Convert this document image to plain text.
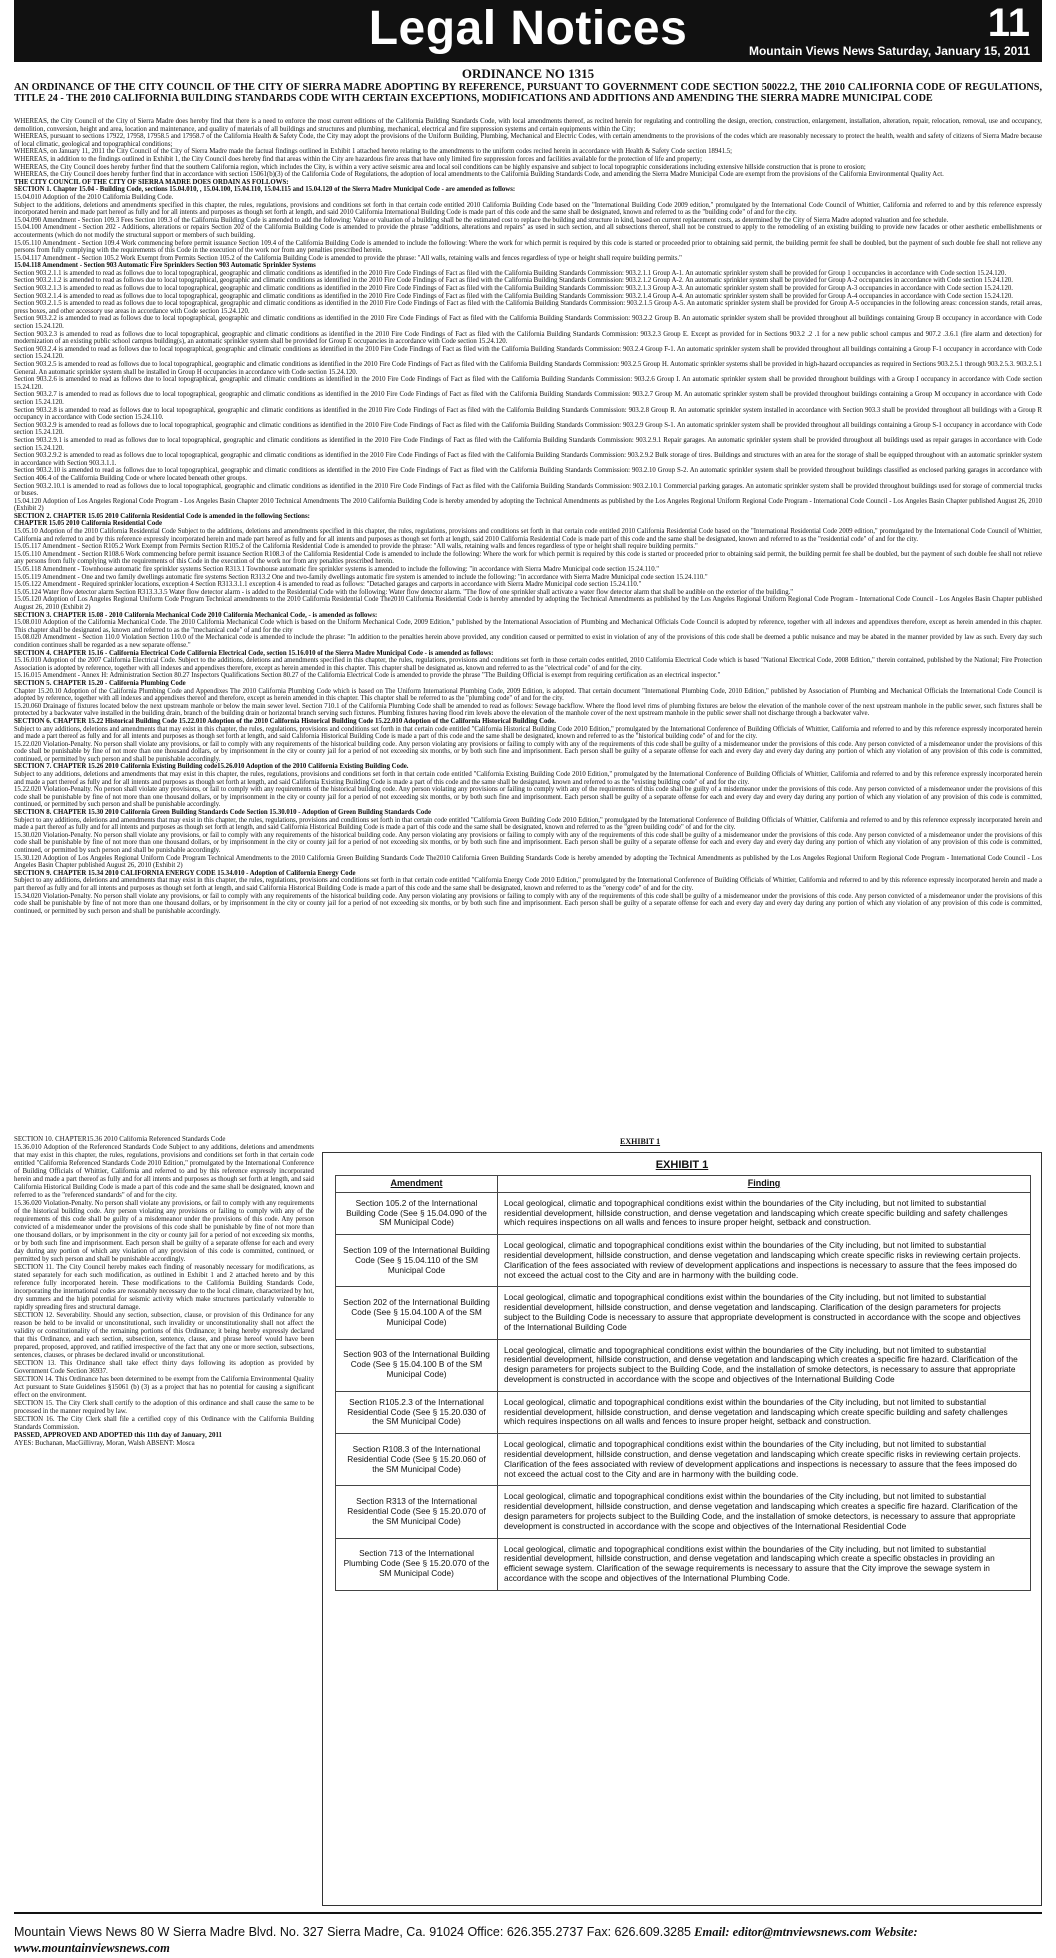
Legal Notices	11
Mountain Views News Saturday, January 15, 2011
ORDINANCE NO 1315
AN ORDINANCE OF THE CITY COUNCIL OF THE CITY OF SIERRA MADRE ADOPTING BY REFERENCE, PURSUANT TO GOVERNMENT CODE SECTION 50022.2, THE 2010 CALIFORNIA CODE OF REGULATIONS, TITLE 24 - THE 2010 CALIFORNIA BUILDING STANDARDS CODE WITH CERTAIN EXCEPTIONS, MODIFICATIONS AND ADDITIONS AND AMENDING THE SIERRA MADRE MUNICIPAL CODE

WHEREAS, the City Council of the City of Sierra Madre does hereby find that there is a need to enforce the most current editions of the California Building Standards Code, with local amendments thereof, as recited herein for regulating and controlling the design, erection, construction, enlargement, installation, alteration, repair, relocation, removal, use and occupancy, demolition, conversion, height and area, location and maintenance, and quality of materials of all buildings and structures and plumbing, mechanical, electrical and fire suppression systems and certain equipments within the City;

WHEREAS, pursuant to sections 17922, 17958, 17958.5 and 17958.7 of the California Health & Safety Code, the City may adopt the provisions of the Uniform Building, Plumbing, Mechanical and Electric Codes, with certain amendments to the provisions of the codes which are reasonably necessary to protect the health, wealth and safety of citizens of Sierra Madre because of local climatic, geological and topographical conditions;

WHEREAS, on January 11, 2011 the City Council of the City of Sierra Madre made the factual findings outlined in Exhibit 1 attached hereto relating to the amendments to the uniform codes recited herein in accordance with Health & Safety Code section 18941.5;

WHEREAS, in addition to the findings outlined in Exhibit 1, the City Council does hereby find that areas within the City are hazardous fire areas that have only limited fire suppression forces and facilities available for the protection of life and property;

WHEREAS, the City Council does hereby further find that the southern California region, which includes the City, is within a very active seismic area and local soil conditions can be highly expansive and subject to local topographic considerations including extensive hillside construction that is prone to erosion;

WHEREAS, the City Council does hereby further find that in accordance with section 15061(b)(3) of the California Code of Regulations, the adoption of local amendments to the California Building Standards Code, and amending the Sierra Madre Municipal Code are exempt from the provisions of the California Environmental Quality Act.

THE CITY COUNCIL OF THE CITY OF SIERRA MADRE DOES ORDAIN AS FOLLOWS:

SECTION 1. Chapter 15.04 - Building Code, sections 15.04.010, , 15.04.100, 15.04.110, 15.04.115 and 15.04.120 of the Sierra Madre Municipal Code - are amended as follows:

15.04.010 Adoption of the 2010 California Building Code.

Subject to the additions, deletions and amendments specified in this chapter, the rules, regulations, provisions and conditions set forth in that certain code entitled 2010 California Building Code based on the "International Building Code 2009 edition," promulgated by the International Code Council of Whittier, California and referred to and by this reference expressly incorporated herein and made part hereof as fully and for all intents and purposes as though set forth at length, and said 2010 California International Building Code is made part of this code and the same shall be designated, known and referred to as the "building code" of and for the city.

15.04.090 Amendment - Section 109.3 Fees Section 109.3 of the California Building Code is amended to add the following: Value or valuation of a building shall be the estimated cost to replace the building and structure in kind, based on current replacement costs, as determined by the City of Sierra Madre adopted valuation and fee schedule.

15.04.100 Amendment - Section 202 - Additions, alterations or repairs Section 202 of the California Building Code is amended to provide the phrase "additions, alterations and repairs" as used in such section, and all subsections thereof, shall not be construed to apply to the remodeling of an existing building to provide new facades or other aesthetic embellishments or accouterments (which do not modify the structural support or members of such building.

15.05.110 Amendment - Section 109.4 Work commencing before permit issuance Section 109.4 of the California Building Code is amended to include the following: Where the work for which permit is required by this code is started or proceeded prior to obtaining said permit, the building permit fee shall be doubled, but the payment of such double fee shall not relieve any persons from fully complying with the requirements of this Code in the execution of the work nor from any penalties prescribed herein.

15.04.117 Amendment - Section 105.2 Work Exempt from Permits Section 105.2 of the California Building Code is amended to provide the phrase: "All walls, retaining walls and fences regardless of type or height shall require building permits."

15.04.118 Amendment - Section 903 Automatic Fire Sprinklers Section 903 Automatic Sprinkler Systems

Section 903.2.1.1 is amended to read as follows due to local topographical, geographic and climatic conditions as identified in the 2010 Fire Code Findings of Fact as filed with the California Building Standards Commission: 903.2.1.1 Group A-1. An automatic sprinkler system shall be provided for Group 1 occupancies in accordance with Code section 15.24.120.

Section 903.2.1.2 is amended to read as follows due to local topographical, geographic and climatic conditions as identified in the 2010 Fire Code Findings of Fact as filed with the California Building Standards Commission: 903.2.1.2 Group A-2. An automatic sprinkler system shall be provided for Group A-2 occupancies in accordance with Code section 15.24.120.

Section 903.2.1.3 is amended to read as follows due to local topographical, geographic and climatic conditions as identified in the 2010 Fire Code Findings of Fact as filed with the California Building Standards Commission: 903.2.1.3 Group A-3. An automatic sprinkler system shall be provided for Group A-3 occupancies in accordance with Code section 15.24.120.

Section 903.2.1.4 is amended to read as follows due to local topographical, geographic and climatic conditions as identified in the 2010 Fire Code Findings of Fact as filed with the California Building Standards Commission: 903.2.1.4 Group A-4. An automatic sprinkler system shall be provided for Group A-4 occupancies in accordance with Code section 15.24.120.

Section 903.2.1.5 is amended to read as follows due to local topographical, geographic and climatic conditions as identified in the 2010 Fire Code Findings of Fact as filed with the California Building Standards Commission: 903.2.1.5 Group A-5. An automatic sprinkler system shall be provided for Group A-5 occupancies in the following areas: concession stands, retail areas, press boxes, and other accessory use areas in accordance with Code section 15.24.120.

Section 903.2.2 is amended to read as follows due to local topographical, geographic and climatic conditions as identified in the 2010 Fire Code Findings of Fact as filed with the California Building Standards Commission: 903.2.2 Group B. An automatic sprinkler system shall be provided throughout all buildings containing Group B occupancy in accordance with Code section 15.24.120.

Section 903.2.3 is amended to read as follows due to local topographical, geographic and climatic conditions as identified in the 2010 Fire Code Findings of Fact as filed with the California Building Standards Commission: 903.2.3 Group E. Except as provided for in Sections 903.2 .2 .1 for a new public school campus and 907.2 .3.6.1 (fire alarm and detection) for modernization of an existing public school campus building(s), an automatic sprinkler system shall be provided for Group E occupancies in accordance with Code section 15.24.120.

Section 903.2.4 is amended to read as follows due to local topographical, geographic and climatic conditions as identified in the 2010 Fire Code Findings of Fact as filed with the California Building Standards Commission: 903.2.4 Group F-1. An automatic sprinkler system shall be provided throughout all buildings containing a Group F-1 occupancy in accordance with Code section 15.24.120.

Section 903.2.5 is amended to read as follows due to local topographical, geographic and climatic conditions as identified in the 2010 Fire Code Findings of Fact as filed with the California Building Standards Commission: 903.2.5 Group H. Automatic sprinkler systems shall be provided in high-hazard occupancies as required in Sections 903.2.5.1 through 903.2.5.3. 903.2.5.1 General. An automatic sprinkler system shall be installed in Group H occupancies in accordance with Code section 15.24.120.

Section 903.2.6 is amended to read as follows due to local topographical, geographic and climatic conditions as identified in the 2010 Fire Code Findings of Fact as filed with the California Building Standards Commission: 903.2.6 Group I. An automatic sprinkler system shall be provided throughout buildings with a Group I occupancy in accordance with Code section 15.24.120.

Section 903.2.7 is amended to read as follows due to local topographical, geographic and climatic conditions as identified in the 2010 Fire Code Findings of Fact as filed with the California Building Standards Commission: 903.2.7 Group M. An automatic sprinkler system shall be provided throughout buildings containing a Group M occupancy in accordance with Code section 15.24.120.

Section 903.2.8 is amended to read as follows due to local topographical, geographic and climatic conditions as identified in the 2010 Fire Code Findings of Fact as filed with the California Building Standards Commission: 903.2.8 Group R. An automatic sprinkler system installed in accordance with Section 903.3 shall be provided throughout all buildings with a Group R occupancy in accordance with Code section 15.24.110.

Section 903.2.9 is amended to read as follows due to local topographical, geographic and climatic conditions as identified in the 2010 Fire Code Findings of Fact as filed with the California Building Standards Commission: 903.2.9 Group S-1. An automatic sprinkler system shall be provided throughout all buildings containing a Group S-1 occupancy in accordance with Code section 15.24.120.

Section 903.2.9.1 is amended to read as follows due to local topographical, geographic and climatic conditions as identified in the 2010 Fire Code Findings of Fact as filed with the California Building Standards Commission: 903.2.9.1 Repair garages. An automatic sprinkler system shall be provided throughout all buildings used as repair garages in accordance with Code section 15.24.120.

Section 903.2.9.2 is amended to read as follows due to local topographical, geographic and climatic conditions as identified in the 2010 Fire Code Findings of Fact as filed with the California Building Standards Commission: 903.2.9.2 Bulk storage of tires. Buildings and structures with an area for the storage of shall be equipped throughout with an automatic sprinkler system in accordance with Section 903.3.1.1.

Section 903.2.10 is amended to read as follows due to local topographical, geographic and climatic conditions as identified in the 2010 Fire Code Findings of Fact as filed with the California Building Standards Commission: 903.2.10 Group S-2. An automatic sprinkler system shall be provided throughout buildings classified as enclosed parking garages in accordance with Section 406.4 of the California Building Code or where located beneath other groups.

Section 903.2.10.1 is amended to read as follows due to local topographical, geographic and climatic conditions as identified in the 2010 Fire Code Findings of Fact as filed with the California Building Standards Commission: 903.2.10.1 Commercial parking garages. An automatic sprinkler system shall be provided throughout buildings used for storage of commercial trucks or buses.

15.04.120 Adoption of Los Angeles Regional Code Program - Los Angeles Basin Chapter 2010 Technical Amendments The 2010 California Building Code is hereby amended by adopting the Technical Amendments as published by the Los Angeles Regional Uniform Regional Code Program - International Code Council - Los Angeles Basin Chapter published August 26, 2010 (Exhibit 2)

SECTION 2. CHAPTER 15.05 2010 California Residential Code is amended in the following Sections:

CHAPTER 15.05 2010 California Residential Code

15.05.10 Adoption of the 2010 California Residential Code Subject to the additions, deletions and amendments specified in this chapter, the rules, regulations, provisions and conditions set forth in that certain code entitled 2010 California Residential Code based on the "International Residential Code 2009 edition," promulgated by the International Code Council of Whittier, California and referred to and by this reference expressly incorporated herein and made part hereof as fully and for all intents and purposes as though set forth at length, said 2010 California Residential Code is made part of this code and the same shall be designated, known and referred to as the "residential code" of and for the city.

15.05.117 Amendment - Section R105.2 Work Exempt from Permits Section R105.2 of the California Residential Code is amended to provide the phrase: "All walls, retaining walls and fences regardless of type or height shall require building permits."

15.05.110 Amendment - Section R108.6 Work commencing before permit issuance Section R108.3 of the California Residential Code is amended to include the following: Where the work for which permit is required by this code is started or proceeded prior to obtaining said permit, the building permit fee shall be doubled, but the payment of such double fee shall not relieve any persons from fully complying with the requirements of this Code in the execution of the work nor from any penalties prescribed herein.

15.05.118 Amendment - Townhouse automatic fire sprinkler systems Section R313.1 Townhouse automatic fire sprinkler systems is amended to include the following: "in accordance with Sierra Madre Municipal code section 15.24.110."

15.05.119 Amendment - One and two family dwellings automatic fire systems Section R313.2 One and two-family dwellings automatic fire system is amended to include the following: "in accordance with Sierra Madre Municipal code section 15.24.110."

15.05.122 Amendment - Required sprinkler locations, exception 4 Section R313.3.1.1 exception 4 is amended to read as follows: "Detached garages and carports in accordance with Sierra Madre Municipal code section 15.24.110."

15.05.124 Water flow detector alarm Section R313.3.3.5 Water flow detector alarm - is added to the Residential Code with the following: Water flow detector alarm. "The flow of one sprinkler shall activate a water flow detector alarm that shall be audible on the exterior of the building."

15.05.120 Adoption of Los Angeles Regional Uniform Code Program Technical amendments to the 2010 California Residential Code The2010 California Residential Code is hereby amended by adopting the Technical Amendments as published by the Los Angeles Regional Uniform Regional Code Program - International Code Council - Los Angeles Basin Chapter published August 26, 2010 (Exhibit 2)

SECTION 3. CHAPTER 15.08 - 2010 California Mechanical Code 2010 California Mechanical Code, - is amended as follows:

15.08.010 Adoption of the California Mechanical Code. The 2010 California Mechanical Code which is based on the Uniform Mechanical Code, 2009 Edition," published by the International Association of Plumbing and Mechanical Officials Code Council is adopted by reference, together with all indexes and appendixes therefore, except as herein amended in this chapter. This chapter shall be designated as, known and referred to as the "mechanical code" of and for the city

15.08.020 Amendment - Section 110.0 Violation Section 110.0 of the Mechanical code is amended to include the phrase: "In addition to the penalties herein above provided, any condition caused or permitted to exist in violation of any of the provisions of this code shall be deemed a public nuisance and may be abated in the manner provided by law as such. Every day such condition continues shall be regarded as a new separate offense."

SECTION 4. CHAPTER 15.16 - California Electrical Code California Electrical Code, section 15.16.010 of the Sierra Madre Municipal Code - is amended as follows:

15.16.010 Adoption of the 2007 California Electrical Code. Subject to the additions, deletions and amendments specified in this chapter, the rules, regulations, provisions and conditions set forth in those certain codes entitled, 2010 California Electrical Code which is based "National Electrical Code, 2008 Edition," therein contained, published by the National; Fire Protection Association is adopted by reference, together with all indexes and appendixes therefore, except as herein amended in this chapter. This chapter shall be designated as, known and referred to as the "electrical code" of and for the city.

15.16.015 Amendment - Annex H: Administration Section 80.27 Inspectors Qualifications Section 80.27 of the California Electrical Code is amended to provide the phrase "The Building Official is exempt from requiring certification as an electrical inspector."

SECTION 5. CHAPTER 15.20 - California Plumbing Code

Chapter 15.20.10 Adoption of the California Plumbing Code and Appendixes The 2010 California Plumbing Code which is based on The Uniform International Plumbing Code, 2009 Edition, is adopted. That certain document "International Plumbing Code, 2010 Edition," published by Association of Plumbing and Mechanical Officials the International Code Council is adopted by reference, together with all indexes and appendixes thereof and therefore, except as herein amended in this chapter. This chapter shall be referred to as the "plumbing code" of and for the city.

15.20.060 Drainage of fixtures located below the next upstream manhole or below the main sewer level. Section 710.1 of the California Plumbing Code shall be amended to read as follows: Sewage backflow. Where the flood level rims of plumbing fixtures are below the elevation of the manhole cover of the next upstream manhole in the public sewer, such fixtures shall be protected by a backwater valve installed in the building drain, branch of the building drain or horizontal branch serving such fixtures. Plumbing fixtures having flood rim levels above the elevation of the manhole cover of the next upstream manhole in the public sewer shall not discharge through a backwater valve.

SECTION 6. CHAPTER 15.22 Historical Building Code 15.22.010 Adoption of the 2010 California Historical Building Code 15.22.010 Adoption of the California Historical Building Code.

Subject to any additions, deletions and amendments that may exist in this chapter, the rules, regulations, provisions and conditions set forth in that certain code entitled "California Historical Building Code 2010 Edition," promulgated by the International Conference of Building Officials of Whittier, California and referred to and by this reference expressly incorporated herein and made a part thereof as fully and for all intents and purposes as though set forth at length, and said California Historical Building Code is made a part of this code and the same shall be designated, known and referred to as the "historical building code" of and for the city.

15.22.020 Violation-Penalty. No person shall violate any provisions, or fail to comply with any requirements of the historical building code. Any person violating any provisions or failing to comply with any of the requirements of this code shall be guilty of a misdemeanor under the provisions of this code. Any person convicted of a misdemeanor under the provisions of this code shall be punishable by fine of not more than one thousand dollars, or by imprisonment in the city or county jail for a period of not exceeding six months, or by both such fine and imprisonment. Each person shall be guilty of a separate offense for each and every day and every day during any portion of which any violation of any provision of this code is committed, continued, or permitted by such person and shall be punishable accordingly.

SECTION 7. CHAPTER 15.26 2010 California Existing Building code15.26.010 Adoption of the 2010 California Existing Building Code.

Subject to any additions, deletions and amendments that may exist in this chapter, the rules, regulations, provisions and conditions set forth in that certain code entitled "California Existing Building Code 2010 Edition," promulgated by the International Conference of Building Officials of Whittier, California and referred to and by this reference expressly incorporated herein and made a part thereof as fully and for all intents and purposes as though set forth at length, and said California Existing Building Code is made a part of this code and the same shall be designated, known and referred to as the "existing building code" of and for the city.

15.22.020 Violation-Penalty. No person shall violate any provisions, or fail to comply with any requirements of the historical building code. Any person violating any provisions or failing to comply with any of the requirements of this code shall be guilty of a misdemeanor under the provisions of this code. Any person convicted of a misdemeanor under the provisions of this code shall be punishable by fine of not more than one thousand dollars, or by imprisonment in the city or county jail for a period of not exceeding six months, or by both such fine and imprisonment. Each person shall be guilty of a separate offense for each and every day and every day during any portion of which any violation of any provision of this code is committed, continued, or permitted by such person and shall be punishable accordingly.

SECTION 8. CHAPTER 15.30 2010 California Green Building Standards Code Section 15.30.010 - Adoption of Green Building Standards Code

Subject to any additions, deletions and amendments that may exist in this chapter, the rules, regulations, provisions and conditions set forth in that certain code entitled "California Green Building Code 2010 Edition," promulgated by the International Conference of Building Officials of Whittier, California and referred to and by this reference expressly incorporated herein and made a part thereof as fully and for all intents and purposes as though set forth at length, and said California Historical Building Code is made a part of this code and the same shall be designated, known and referred to as the "green building code" of and for the city.

15.30.020 Violation-Penalty. No person shall violate any provisions, or fail to comply with any requirements of the historical building code. Any person violating any provisions or failing to comply with any of the requirements of this code shall be guilty of a misdemeanor under the provisions of this code. Any person convicted of a misdemeanor under the provisions of this code shall be punishable by fine of not more than one thousand dollars, or by imprisonment in the city or county jail for a period of not exceeding six months, or by both such fine and imprisonment. Each person shall be guilty of a separate offense for each and every day and every day during any portion of which any violation of any provision of this code is committed, continued, or permitted by such person and shall be punishable accordingly.

15.30.120 Adoption of Los Angeles Regional Uniform Code Program Technical Amendments to the 2010 California Green Building Standards Code The2010 California Green Building Standards Code is hereby amended by adopting the Technical Amendments as published by the Los Angeles Regional Uniform Regional Code Program - International Code Council - Los Angeles Basin Chapter published August 26, 2010 (Exhibit 2)

SECTION 9. CHAPTER 15.34 2010 CALIFORNIA ENERGY CODE 15.34.010 - Adoption of California Energy Code

Subject to any additions, deletions and amendments that may exist in this chapter, the rules, regulations, provisions and conditions set forth in that certain code entitled "California Energy Code 2010 Edition," promulgated by the International Conference of Building Officials of Whittier, California and referred to and by this reference expressly incorporated herein and made a part thereof as fully and for all intents and purposes as though set forth at length, and said California Historical Building Code is made a part of this code and the same shall be designated, known and referred to as the "energy code" of and for the city.

15.34.020 Violation-Penalty. No person shall violate any provisions, or fail to comply with any requirements of the historical building code. Any person violating any provisions or failing to comply with any of the requirements of this code shall be guilty of a misdemeanor under the provisions of this code. Any person convicted of a misdemeanor under the provisions of this code shall be punishable by fine of not more than one thousand dollars, or by imprisonment in the city or county jail for a period of not exceeding six months, or by both such fine and imprisonment. Each person shall be guilty of a separate offense for each and every day and every day during any portion of which any violation of any provision of this code is committed, continued, or permitted by such person and shall be punishable accordingly.

SECTION 10. CHAPTER15.36 2010 California Referenced Standards Code

15.36.010 Adoption of the Referenced Standards Code Subject to any additions, deletions and amendments that may exist in this chapter, the rules, regulations, provisions and conditions set forth in that certain code entitled "California Referenced Standards Code 2010 Edition," promulgated by the International Conference of Building Officials of Whittier, California and referred to and by this reference expressly incorporated herein and made a part thereof as fully and for all intents and purposes as though set forth at length, and said California Historical Building Code is made a part of this code and the same shall be designated, known and referred to as the "referenced standards" of and for the city.

15.36.020 Violation-Penalty. No person shall violate any provisions, or fail to comply with any requirements of the historical building code. Any person violating any provisions or failing to comply with any of the requirements of this code shall be guilty of a misdemeanor under the provisions of this code. Any person convicted of a misdemeanor under the provisions of this code shall be punishable by fine of not more than one thousand dollars, or by imprisonment in the city or county jail for a period of not exceeding six months, or by both such fine and imprisonment. Each person shall be guilty of a separate offense for each and every day during any portion of which any violation of any provision of this code is committed, continued, or permitted by such person and shall be punishable accordingly.

SECTION 11. The City Council hereby makes each finding of reasonably necessary for modifications, as stated separately for each such modification, as outlined in Exhibit 1 and 2 attached hereto and by this reference fully incorporated herein. These modifications to the California Building Standards Code, incorporating the international codes are reasonably necessary due to the local climate, characterized by hot, dry summers and the high potential for seismic activity which make structures particularly vulnerable to rapidly spreading fires and structural damage.

SECTION 12. Severability. Should any section, subsection, clause, or provision of this Ordinance for any reason be held to be invalid or unconstitutional, such invalidity or unconstitutionality shall not affect the validity or constitutionality of the remaining portions of this Ordinance; it being hereby expressly declared that this Ordinance, and each section, subsection, sentence, clause, and phrase hereof would have been prepared, proposed, approved, and ratified irrespective of the fact that any one or more section, subsections, sentences, clauses, or phrases be declared invalid or unconstitutional.

SECTION 13. This Ordinance shall take effect thirty days following its adoption as provided by Government Code Section 36937.

SECTION 14. This Ordinance has been determined to be exempt from the California Environmental Quality Act pursuant to State Guidelines §15061 (b) (3) as a project that has no potential for causing a significant effect on the environment.

SECTION 15. The City Clerk shall certify to the adoption of this ordinance and shall cause the same to be processed in the manner required by law.

SECTION 16. The City Clerk shall file a certified copy of this Ordinance with the California Building Standards Commission.

PASSED, APPROVED AND ADOPTED this 11th day of January, 2011

AYES: Buchanan, MacGillivray, Moran, Walsh ABSENT: Mosca

EXHIBIT 1
EXHIBIT 1
Amendment	Finding
Section 105.2 of the International Building Code (See § 15.04.090 of the SM Municipal Code)	Local geological, climatic and topographical conditions exist within the boundaries of the City including, but not limited to substantial residential development, hillside construction, and dense vegetation and landscaping which create specific building and safety challenges which requires inspections on all walls and fences to insure proper height, setback and construction.
Section 109 of the International Building Code (See § 15.04.110 of the SM Municipal Code	Local geological, climatic and topographical conditions exist within the boundaries of the City including, but not limited to substantial residential development, hillside construction, and dense vegetation and landscaping which create specific risks in reviewing certain projects. Clarification of the fees associated with review of development applications and inspections is necessary to assure that the fees imposed do not exceed the actual cost to the City and are in harmony with the building code.
Section 202 of the International Building Code (See § 15.04.100 A of the SM Municipal Code)	Local geological, climatic and topographical conditions exist within the boundaries of the City including, but not limited to substantial residential development, hillside construction, and dense vegetation and landscaping. Clarification of the design parameters for projects subject to the Building Code is necessary to assure that appropriate development is constructed in accordance with the scope and objectives of the International Building Code
Section 903 of the International Building Code (See § 15.04.100 B of the SM Municipal Code)	Local geological, climatic and topographical conditions exist within the boundaries of the City including, but not limited to substantial residential development, hillside construction, and dense vegetation and landscaping which creates a specific fire hazard. Clarification of the design parameters for projects subject to the Building Code, and the installation of smoke detectors, is necessary to assure that appropriate development is constructed in accordance with the scope and objectives of the International Building Code
Section R105.2.3 of the International Residential Code (See § 15.20.030 of the SM Municipal Code)	Local geological, climatic and topographical conditions exist within the boundaries of the City including, but not limited to substantial residential development, hillside construction, and dense vegetation and landscaping which create specific building and safety challenges which requires inspections on all walls and fences to insure proper height, setback and construction.
Section R108.3 of the International Residential Code (See § 15.20.060 of the SM Municipal Code)	Local geological, climatic and topographical conditions exist within the boundaries of the City including, but not limited to substantial residential development, hillside construction, and dense vegetation and landscaping which create specific risks in reviewing certain projects. Clarification of the fees associated with review of development applications and inspections is necessary to assure that the fees imposed do not exceed the actual cost to the City and are in harmony with the building code.
Section R313 of the International Residential Code (See § 15.20.070 of the SM Municipal Code)	Local geological, climatic and topographical conditions exist within the boundaries of the City including, but not limited to substantial residential development, hillside construction, and dense vegetation and landscaping which creates a specific fire hazard. Clarification of the design parameters for projects subject to the Building Code, and the installation of smoke detectors, is necessary to assure that appropriate development is constructed in accordance with the scope and objectives of the International Residential Code
Section 713 of the International Plumbing Code (See § 15.20.070 of the SM Municipal Code)	Local geological, climatic and topographical conditions exist within the boundaries of the City including, but not limited to substantial residential development, hillside construction, and dense vegetation and landscaping which create a specific obstacles in providing an efficient sewage system. Clarification of the sewage requirements is necessary to assure that the City improve the sewage system in accordance with the scope and objectives of the International Plumbing Code.
Mountain Views News 80 W Sierra Madre Blvd. No. 327 Sierra Madre, Ca. 91024 Office: 626.355.2737 Fax: 626.609.3285 Email: editor@mtnviewsnews.com Website: www.mountainviewsnews.com
